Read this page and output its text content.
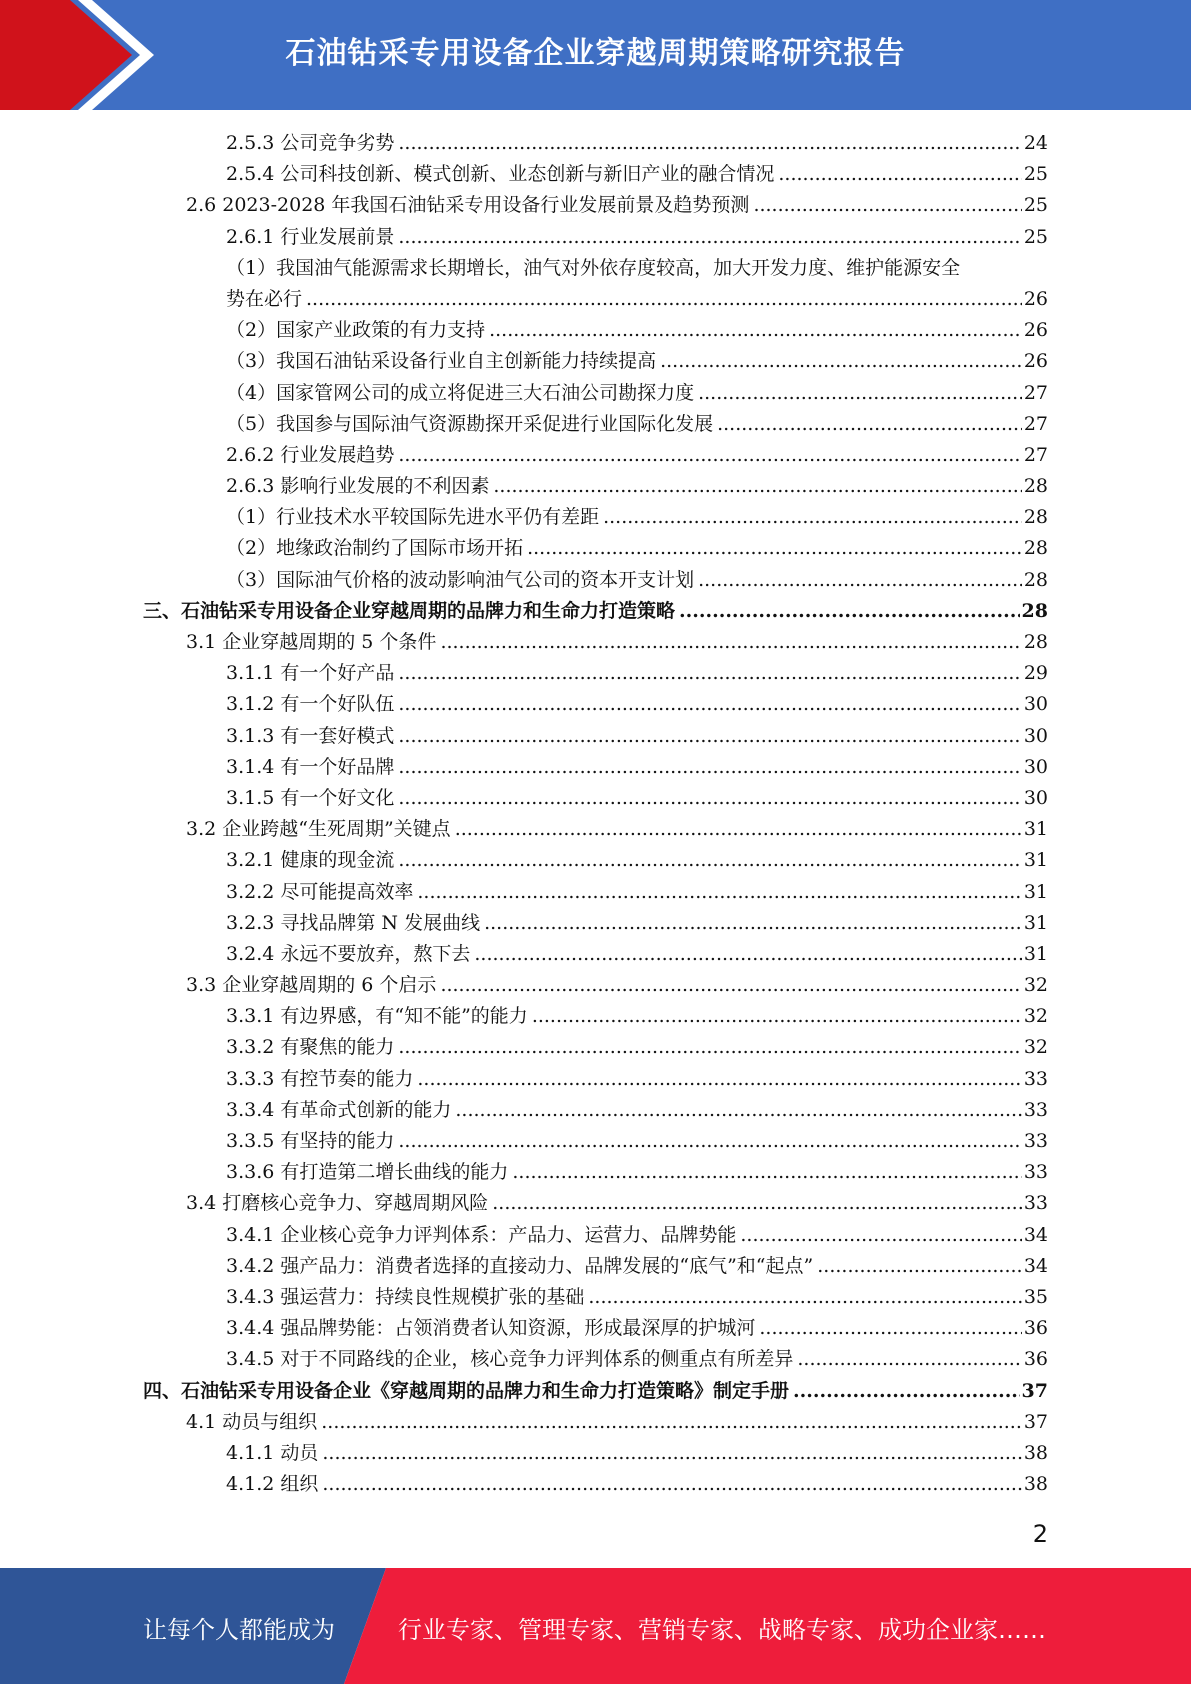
石油钻采专用设备企业穿越周期策略研究报告
2.5.3 公司竞争劣势 .....	24
2.5.4 公司科技创新、模式创新、业态创新与新旧产业的融合情况 .....	25
2.6 2023-2028 年我国石油钻采专用设备行业发展前景及趋势预测 .....	25
2.6.1 行业发展前景 .....	25
（1）我国油气能源需求长期增长，油气对外依存度较高，加大开发力度、维护能源安全
势在必行 .....	26
（2）国家产业政策的有力支持 .....	26
（3）我国石油钻采设备行业自主创新能力持续提高 .....	26
（4）国家管网公司的成立将促进三大石油公司勘探力度 .....	27
（5）我国参与国际油气资源勘探开采促进行业国际化发展 .....	27
2.6.2 行业发展趋势 .....	27
2.6.3 影响行业发展的不利因素 .....	28
（1）行业技术水平较国际先进水平仍有差距 .....	28
（2）地缘政治制约了国际市场开拓 .....	28
（3）国际油气价格的波动影响油气公司的资本开支计划 .....	28
三、石油钻采专用设备企业穿越周期的品牌力和生命力打造策略 .....	28
3.1 企业穿越周期的 5 个条件 .....	28
3.1.1 有一个好产品 .....	29
3.1.2 有一个好队伍 .....	30
3.1.3 有一套好模式 .....	30
3.1.4 有一个好品牌 .....	30
3.1.5 有一个好文化 .....	30
3.2 企业跨越“生死周期”关键点 .....	31
3.2.1 健康的现金流 .....	31
3.2.2 尽可能提高效率 .....	31
3.2.3 寻找品牌第 N 发展曲线 .....	31
3.2.4 永远不要放弃，熬下去 .....	31
3.3 企业穿越周期的 6 个启示 .....	32
3.3.1 有边界感，有“知不能”的能力 .....	32
3.3.2 有聚焦的能力 .....	32
3.3.3 有控节奏的能力 .....	33
3.3.4 有革命式创新的能力 .....	33
3.3.5 有坚持的能力 .....	33
3.3.6 有打造第二增长曲线的能力 .....	33
3.4 打磨核心竞争力、穿越周期风险 .....	33
3.4.1 企业核心竞争力评判体系：产品力、运营力、品牌势能 .....	34
3.4.2 强产品力：消费者选择的直接动力、品牌发展的“底气”和“起点” .....	34
3.4.3 强运营力：持续良性规模扩张的基础 .....	35
3.4.4 强品牌势能：占领消费者认知资源，形成最深厚的护城河 .....	36
3.4.5 对于不同路线的企业，核心竞争力评判体系的侧重点有所差异 .....	36
四、石油钻采专用设备企业《穿越周期的品牌力和生命力打造策略》制定手册 .....	37
4.1 动员与组织 .....	37
4.1.1 动员 .....	38
4.1.2 组织 .....	38
2
让每个人都能成为	行业专家、管理专家、营销专家、战略专家、成功企业家……
